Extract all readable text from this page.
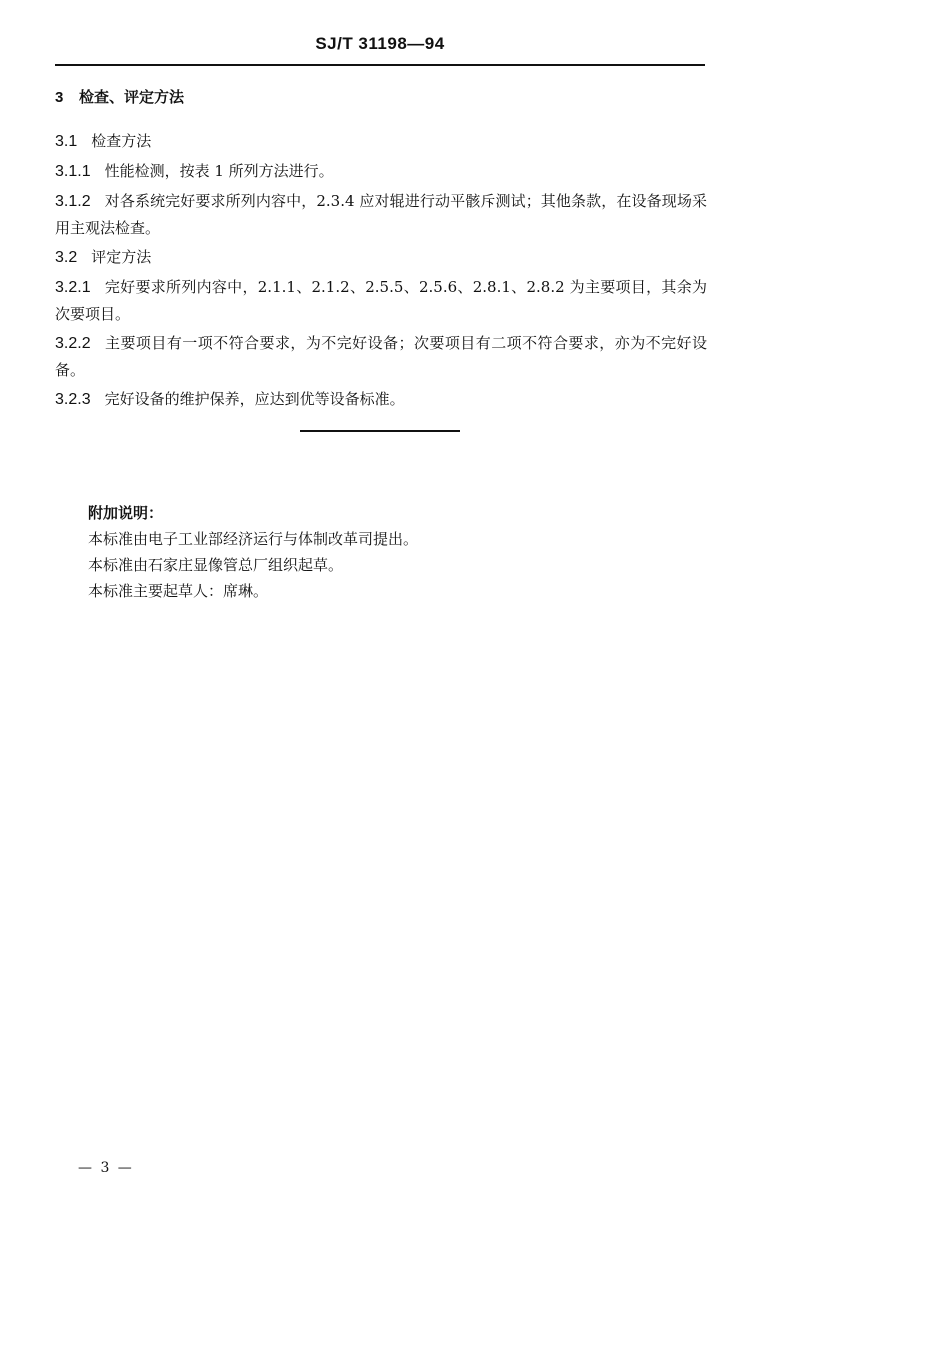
SJ/T 31198—94
3 检查、评定方法

3.1 检查方法

3.1.1 性能检测，按表 1 所列方法进行。

3.1.2 对各系统完好要求所列内容中，2.3.4 应对辊进行动平骸斥测试；其他条款，在设备现场采用主观法检查。

3.2 评定方法

3.2.1 完好要求所列内容中，2.1.1、2.1.2、2.5.5、2.5.6、2.8.1、2.8.2 为主要项目，其余为次要项目。

3.2.2 主要项目有一项不符合要求，为不完好设备；次要项目有二项不符合要求，亦为不完好设备。

3.2.3 完好设备的维护保养，应达到优等设备标准。

附加说明：

本标准由电子工业部经济运行与体制改革司提出。

本标准由石家庄显像管总厂组织起草。

本标准主要起草人：席琳。

— 3 —
